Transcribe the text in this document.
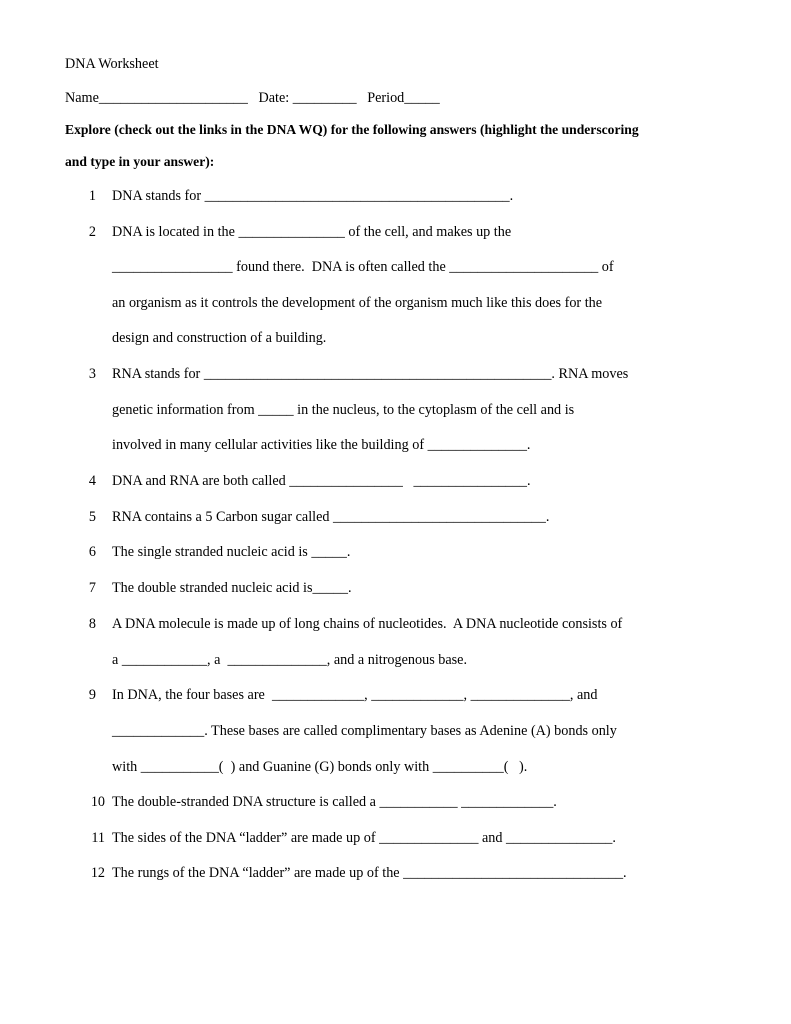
DNA Worksheet
Name_____________________   Date: _________   Period_____
Explore (check out the links in the DNA WQ) for the following answers (highlight the underscoring
and type in your answer):
1 DNA stands for ___________________________________________.
2 DNA is located in the _______________ of the cell, and makes up the
_________________ found there.  DNA is often called the _____________________ of
an organism as it controls the development of the organism much like this does for the
design and construction of a building.
3 RNA stands for _________________________________________________. RNA moves
genetic information from _____ in the nucleus, to the cytoplasm of the cell and is
involved in many cellular activities like the building of ______________.
4 DNA and RNA are both called ________________   ________________.
5 RNA contains a 5 Carbon sugar called ______________________________.
6 The single stranded nucleic acid is _____.
7 The double stranded nucleic acid is_____.
8 A DNA molecule is made up of long chains of nucleotides.  A DNA nucleotide consists of
a ____________, a  ______________, and a nitrogenous base.
9 In DNA, the four bases are  _____________, _____________, ______________, and
_____________. These bases are called complimentary bases as Adenine (A) bonds only
with ___________(  ) and Guanine (G) bonds only with __________(   ).
10 The double-stranded DNA structure is called a ___________ _____________.
11 The sides of the DNA “ladder” are made up of ______________ and _______________.
12 The rungs of the DNA “ladder” are made up of the _______________________________.
